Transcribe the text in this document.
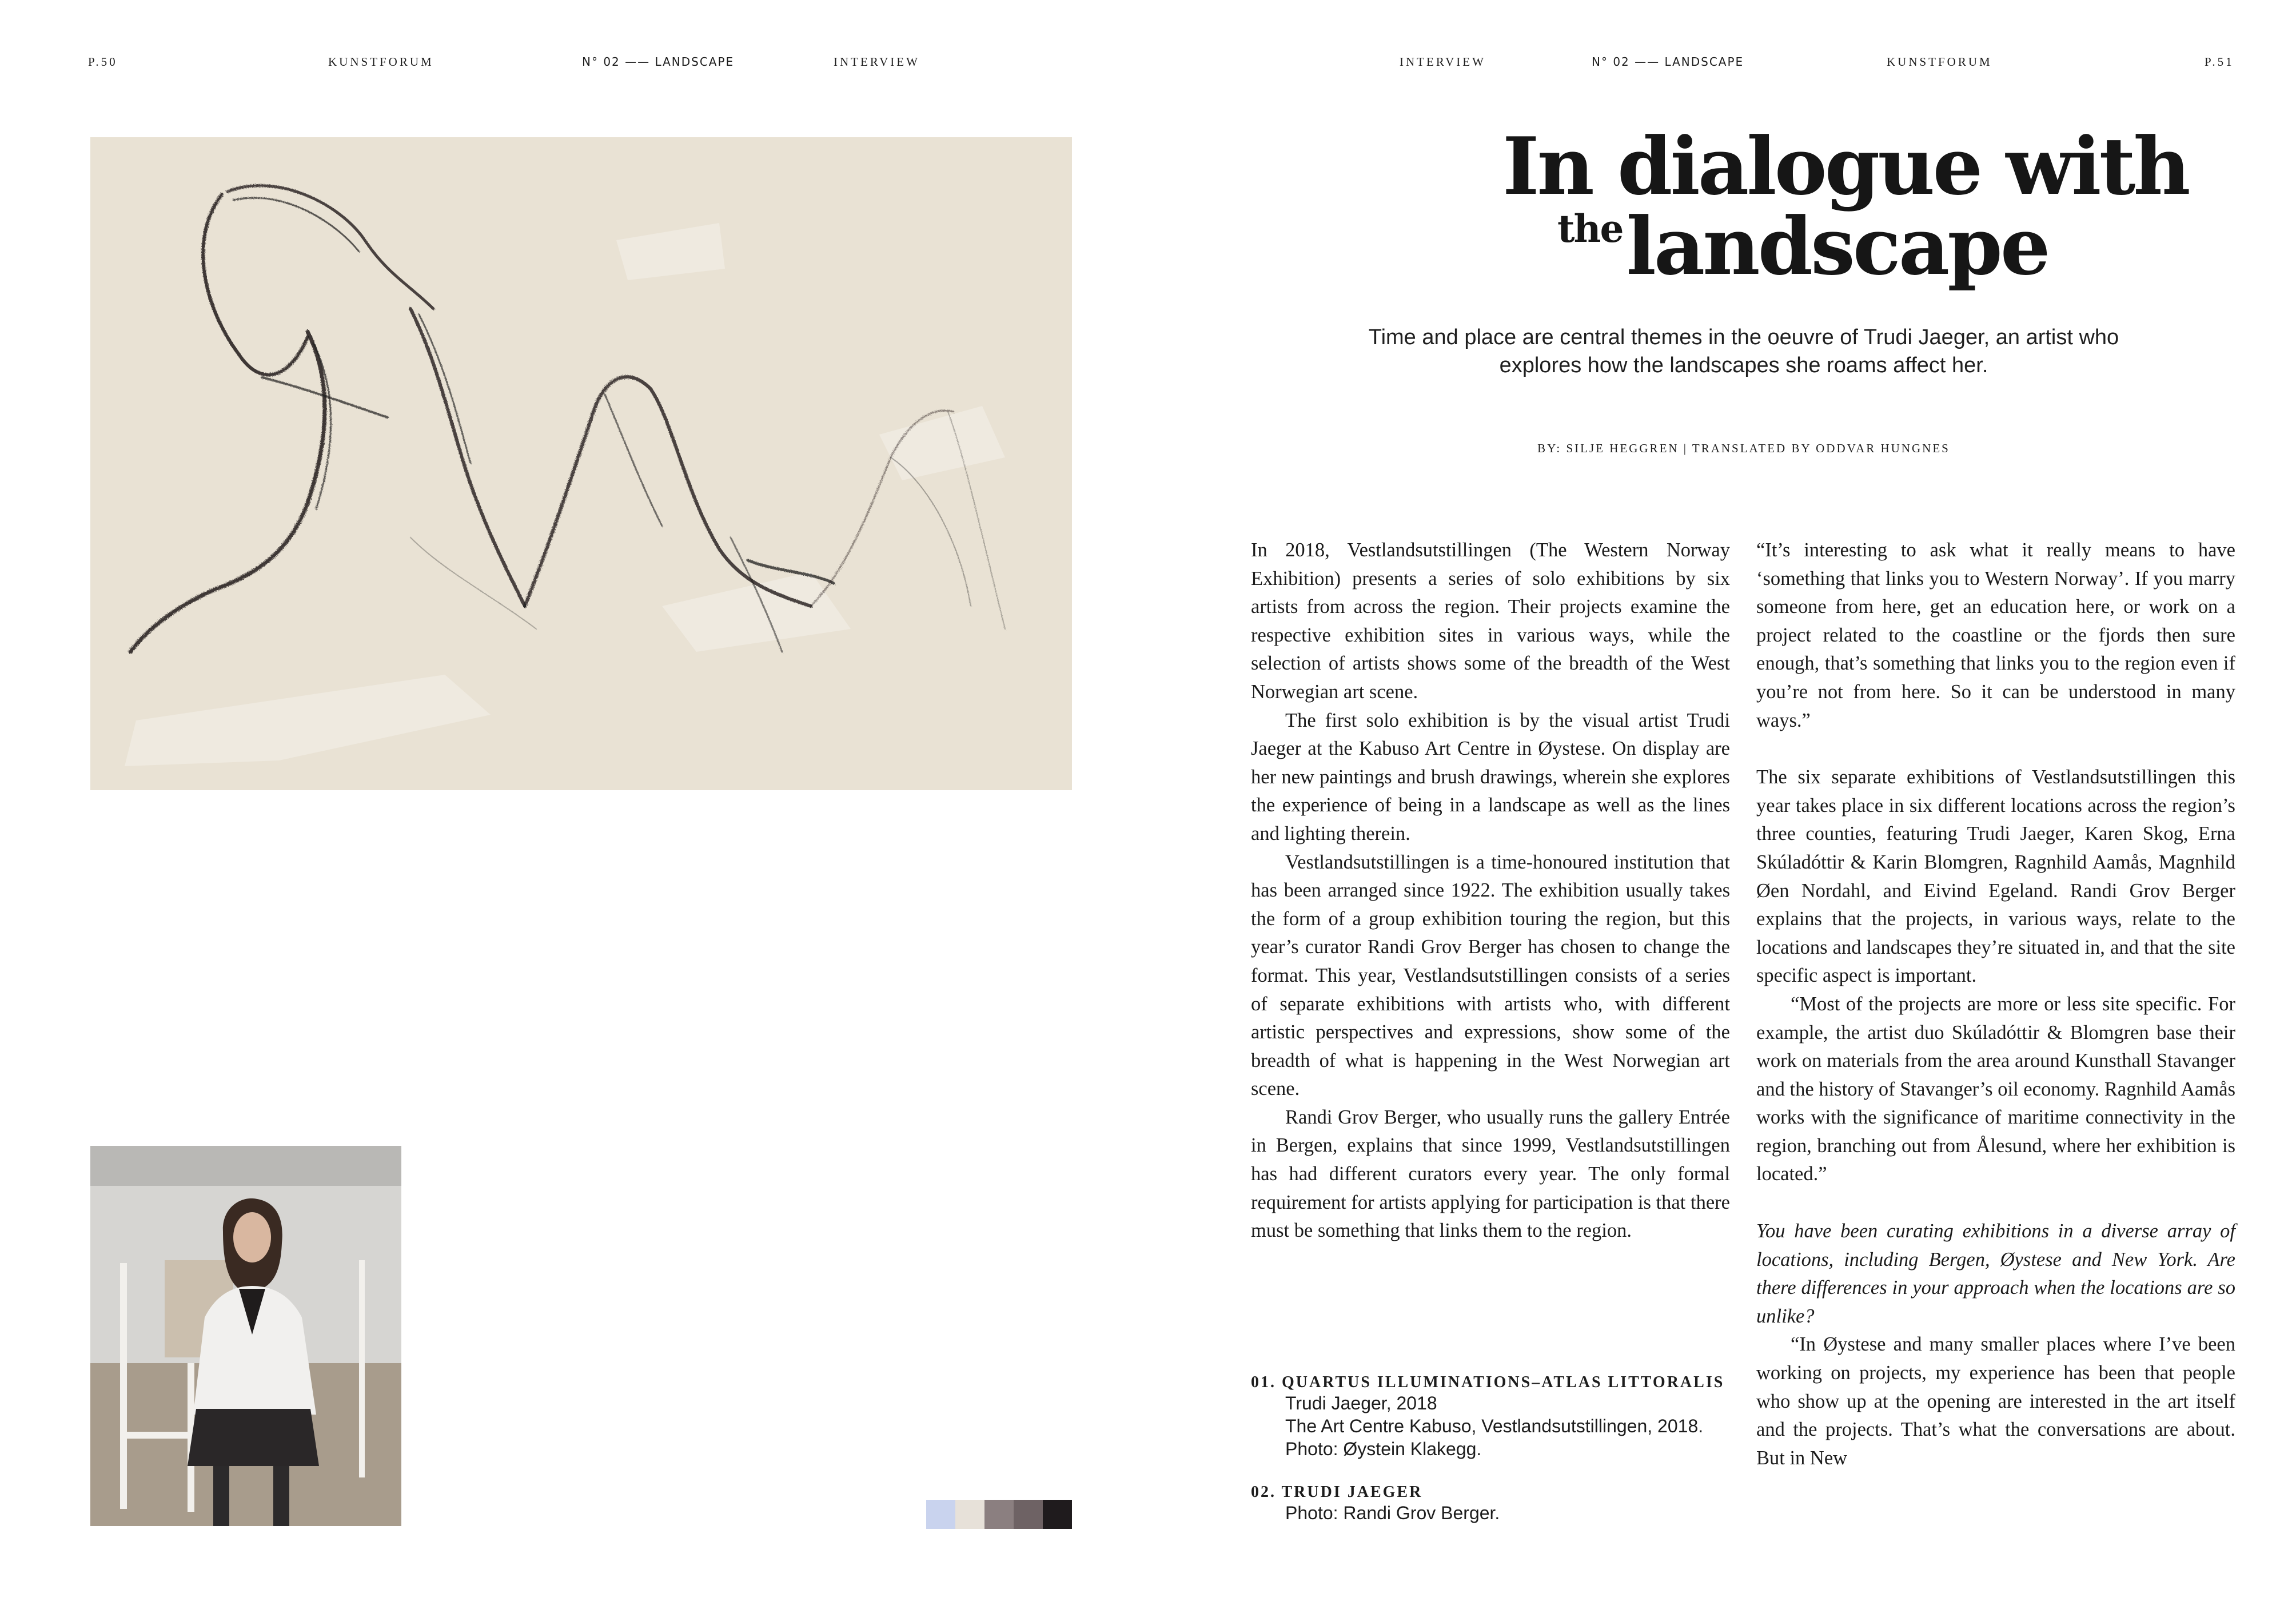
P.50	KUNSTFORUM	N° 02 —— LANDSCAPE	INTERVIEW	INTERVIEW	N° 02 —— LANDSCAPE	KUNSTFORUM	P.51
In dialogue with
thelandscape
Time and place are central themes in the oeuvre of Trudi Jaeger, an artist who explores how the landscapes she roams affect her.
BY: SILJE HEGGREN | TRANSLATED BY ODDVAR HUNGNES

In 2018, Vestlandsutstillingen (The Western Norway Exhibition) presents a series of solo exhibitions by six artists from across the region. Their projects examine the respective exhibition sites in various ways, while the selection of artists shows some of the breadth of the West Norwegian art scene.

The first solo exhibition is by the visual artist Trudi Jaeger at the Kabuso Art Centre in Øystese. On display are her new paintings and brush drawings, wherein she explores the experience of being in a landscape as well as the lines and lighting therein.

Vestlandsutstillingen is a time-honoured institution that has been arranged since 1922. The exhibition usually takes the form of a group exhibition touring the region, but this year’s curator Randi Grov Berger has chosen to change the format. This year, Vestlandsutstillingen consists of a series of separate exhibitions with artists who, with different artistic perspectives and expressions, show some of the breadth of what is happening in the West Norwegian art scene.

Randi Grov Berger, who usually runs the gallery Entrée in Bergen, explains that since 1999, Vestlandsutstillingen has had different curators every year. The only formal requirement for artists applying for participation is that there must be something that links them to the region.

“It’s interesting to ask what it really means to have ‘something that links you to Western Norway’. If you marry someone from here, get an education here, or work on a project related to the coastline or the fjords then sure enough, that’s something that links you to the region even if you’re not from here. So it can be understood in many ways.”

The six separate exhibitions of Vestlandsutstillingen this year takes place in six different locations across the region’s three counties, featuring Trudi Jaeger, Karen Skog, Erna Skúladóttir & Karin Blomgren, Ragnhild Aamås, Magnhild Øen Nordahl, and Eivind Egeland. Randi Grov Berger explains that the projects, in various ways, relate to the locations and landscapes they’re situated in, and that the site specific aspect is important.

“Most of the projects are more or less site specific. For example, the artist duo Skúladóttir & Blomgren base their work on materials from the area around Kunsthall Stavanger and the history of Stavanger’s oil economy. Ragnhild Aamås works with the significance of maritime connectivity in the region, branching out from Ålesund, where her exhibition is located.”

You have been curating exhibitions in a diverse array of locations, including Bergen, Øystese and New York. Are there differences in your approach when the locations are so unlike?

“In Øystese and many smaller places where I’ve been working on projects, my experience has been that people who show up at the opening are interested in the art itself and the projects. That’s what the conversations are about. But in New

01. QUARTUS ILLUMINATIONS–ATLAS LITTORALIS
Trudi Jaeger, 2018
The Art Centre Kabuso, Vestlandsutstillingen, 2018.
Photo: Øystein Klakegg.
02. TRUDI JAEGER
Photo: Randi Grov Berger.
